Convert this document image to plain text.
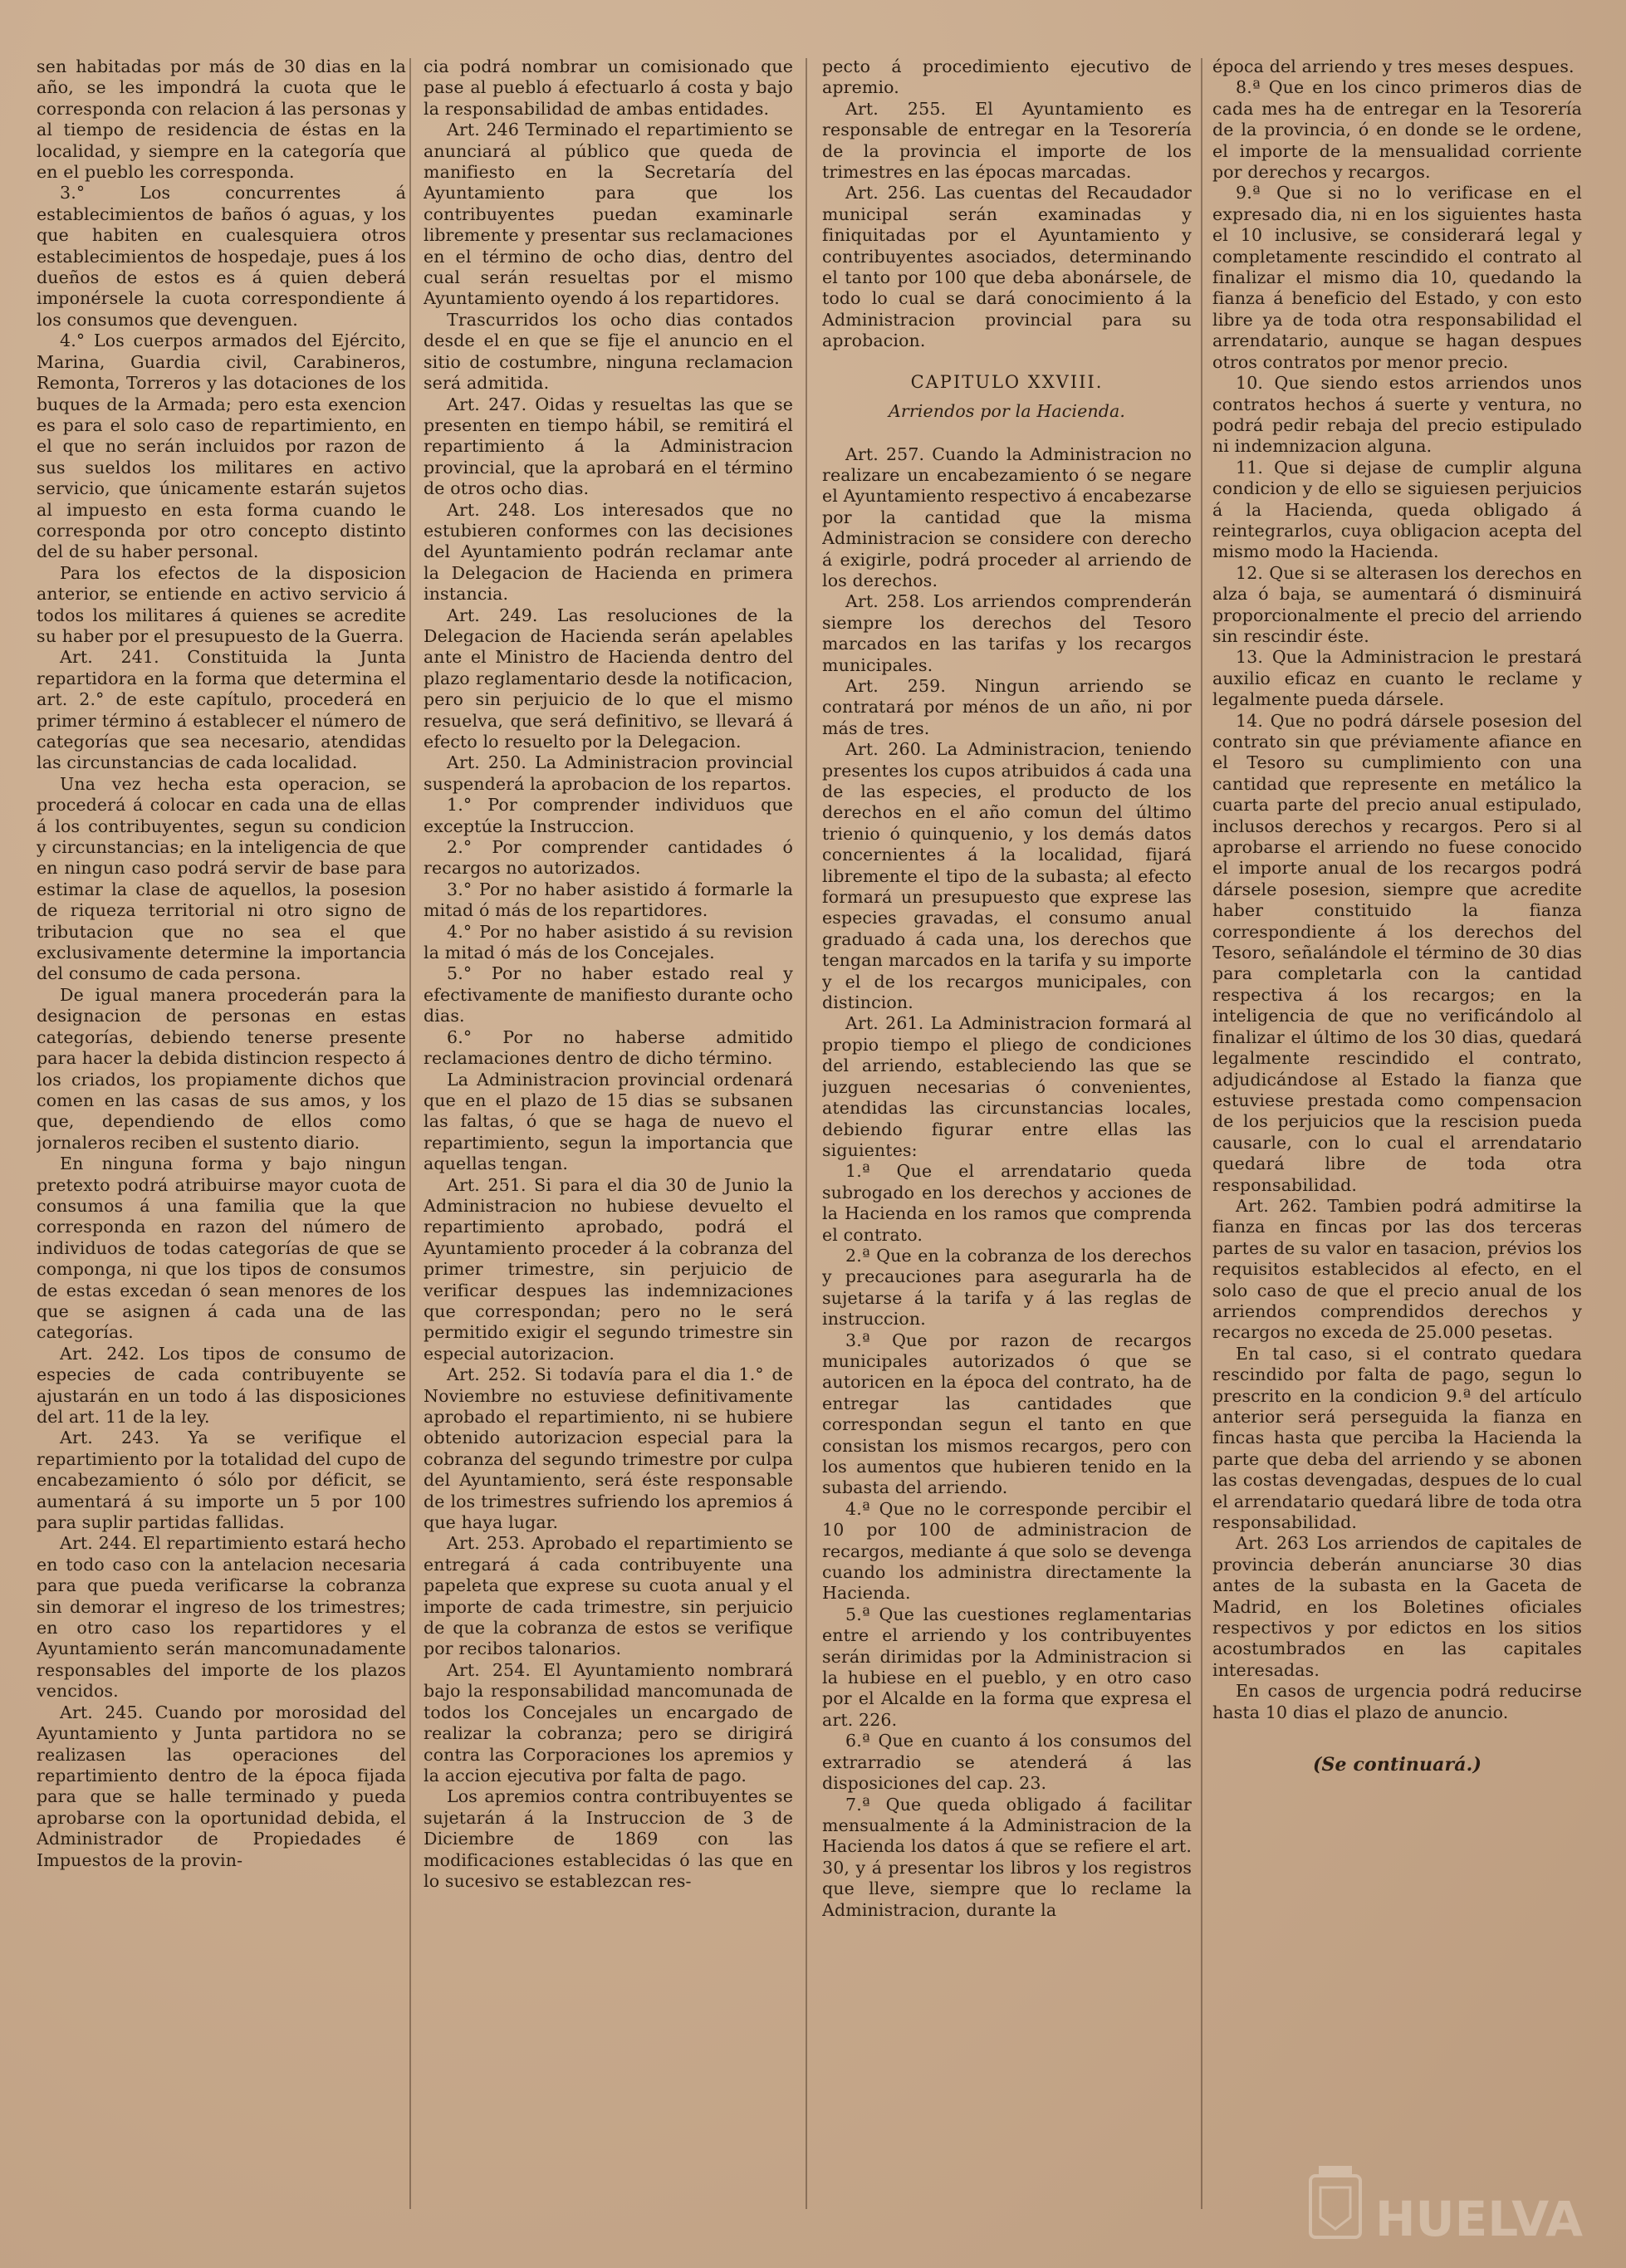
sen habitadas por más de 30 dias en la año, se les impondrá la cuota que le corresponda con relacion á las personas y al tiempo de residencia de éstas en la localidad, y siempre en la categoría que en el pueblo les corresponda.

3.° Los concurrentes á establecimientos de baños ó aguas, y los que habiten en cualesquiera otros establecimientos de hospedaje, pues á los dueños de estos es á quien deberá imponérsele la cuota correspondiente á los consumos que devenguen.

4.° Los cuerpos armados del Ejército, Marina, Guardia civil, Carabineros, Remonta, Torreros y las dotaciones de los buques de la Armada; pero esta exencion es para el solo caso de repartimiento, en el que no serán incluidos por razon de sus sueldos los militares en activo servicio, que únicamente estarán sujetos al impuesto en esta forma cuando le corresponda por otro concepto distinto del de su haber personal.

Para los efectos de la disposicion anterior, se entiende en activo servicio á todos los militares á quienes se acredite su haber por el presupuesto de la Guerra.

Art. 241. Constituida la Junta repartidora en la forma que determina el art. 2.° de este capítulo, procederá en primer término á establecer el número de categorías que sea necesario, atendidas las circunstancias de cada localidad.

Una vez hecha esta operacion, se procederá á colocar en cada una de ellas á los contribuyentes, segun su condicion y circunstancias; en la inteligencia de que en ningun caso podrá servir de base para estimar la clase de aquellos, la posesion de riqueza territorial ni otro signo de tributacion que no sea el que exclusivamente determine la importancia del consumo de cada persona.

De igual manera procederán para la designacion de personas en estas categorías, debiendo tenerse presente para hacer la debida distincion respecto á los criados, los propiamente dichos que comen en las casas de sus amos, y los que, dependiendo de ellos como jornaleros reciben el sustento diario.

En ninguna forma y bajo ningun pretexto podrá atribuirse mayor cuota de consumos á una familia que la que corresponda en razon del número de individuos de todas categorías de que se componga, ni que los tipos de consumos de estas excedan ó sean menores de los que se asignen á cada una de las categorías.

Art. 242. Los tipos de consumo de especies de cada contribuyente se ajustarán en un todo á las disposiciones del art. 11 de la ley.

Art. 243. Ya se verifique el repartimiento por la totalidad del cupo de encabezamiento ó sólo por déficit, se aumentará á su importe un 5 por 100 para suplir partidas fallidas.

Art. 244. El repartimiento estará hecho en todo caso con la antelacion necesaria para que pueda verificarse la cobranza sin demorar el ingreso de los trimestres; en otro caso los repartidores y el Ayuntamiento serán mancomunadamente responsables del importe de los plazos vencidos.

Art. 245. Cuando por morosidad del Ayuntamiento y Junta partidora no se realizasen las operaciones del repartimiento dentro de la época fijada para que se halle terminado y pueda aprobarse con la oportunidad debida, el Administrador de Propiedades é Impuestos de la provin-

cia podrá nombrar un comisionado que pase al pueblo á efectuarlo á costa y bajo la responsabilidad de ambas entidades.

Art. 246 Terminado el repartimiento se anunciará al público que queda de manifiesto en la Secretaría del Ayuntamiento para que los contribuyentes puedan examinarle libremente y presentar sus reclamaciones en el término de ocho dias, dentro del cual serán resueltas por el mismo Ayuntamiento oyendo á los repartidores.

Trascurridos los ocho dias contados desde el en que se fije el anuncio en el sitio de costumbre, ninguna reclamacion será admitida.

Art. 247. Oidas y resueltas las que se presenten en tiempo hábil, se remitirá el repartimiento á la Administracion provincial, que la aprobará en el término de otros ocho dias.

Art. 248. Los interesados que no estubieren conformes con las decisiones del Ayuntamiento podrán reclamar ante la Delegacion de Hacienda en primera instancia.

Art. 249. Las resoluciones de la Delegacion de Hacienda serán apelables ante el Ministro de Hacienda dentro del plazo reglamentario desde la notificacion, pero sin perjuicio de lo que el mismo resuelva, que será definitivo, se llevará á efecto lo resuelto por la Delegacion.

Art. 250. La Administracion provincial suspenderá la aprobacion de los repartos.

1.° Por comprender individuos que exceptúe la Instruccion.

2.° Por comprender cantidades ó recargos no autorizados.

3.° Por no haber asistido á formarle la mitad ó más de los repartidores.

4.° Por no haber asistido á su revision la mitad ó más de los Concejales.

5.° Por no haber estado real y efectivamente de manifiesto durante ocho dias.

6.° Por no haberse admitido reclamaciones dentro de dicho término.

La Administracion provincial ordenará que en el plazo de 15 dias se subsanen las faltas, ó que se haga de nuevo el repartimiento, segun la importancia que aquellas tengan.

Art. 251. Si para el dia 30 de Junio la Administracion no hubiese devuelto el repartimiento aprobado, podrá el Ayuntamiento proceder á la cobranza del primer trimestre, sin perjuicio de verificar despues las indemnizaciones que correspondan; pero no le será permitido exigir el segundo trimestre sin especial autorizacion.

Art. 252. Si todavía para el dia 1.° de Noviembre no estuviese definitivamente aprobado el repartimiento, ni se hubiere obtenido autorizacion especial para la cobranza del segundo trimestre por culpa del Ayuntamiento, será éste responsable de los trimestres sufriendo los apremios á que haya lugar.

Art. 253. Aprobado el repartimiento se entregará á cada contribuyente una papeleta que exprese su cuota anual y el importe de cada trimestre, sin perjuicio de que la cobranza de estos se verifique por recibos talonarios.

Art. 254. El Ayuntamiento nombrará bajo la responsabilidad mancomunada de todos los Concejales un encargado de realizar la cobranza; pero se dirigirá contra las Corporaciones los apremios y la accion ejecutiva por falta de pago.

Los apremios contra contribuyentes se sujetarán á la Instruccion de 3 de Diciembre de 1869 con las modificaciones establecidas ó las que en lo sucesivo se establezcan res-

pecto á procedimiento ejecutivo de apremio.

Art. 255. El Ayuntamiento es responsable de entregar en la Tesorería de la provincia el importe de los trimestres en las épocas marcadas.

Art. 256. Las cuentas del Recaudador municipal serán examinadas y finiquitadas por el Ayuntamiento y contribuyentes asociados, determinando el tanto por 100 que deba abonársele, de todo lo cual se dará conocimiento á la Administracion provincial para su aprobacion.

CAPITULO XXVIII.

Arriendos por la Hacienda.

Art. 257. Cuando la Administracion no realizare un encabezamiento ó se negare el Ayuntamiento respectivo á encabezarse por la cantidad que la misma Administracion se considere con derecho á exigirle, podrá proceder al arriendo de los derechos.

Art. 258. Los arriendos comprenderán siempre los derechos del Tesoro marcados en las tarifas y los recargos municipales.

Art. 259. Ningun arriendo se contratará por ménos de un año, ni por más de tres.

Art. 260. La Administracion, teniendo presentes los cupos atribuidos á cada una de las especies, el producto de los derechos en el año comun del último trienio ó quinquenio, y los demás datos concernientes á la localidad, fijará libremente el tipo de la subasta; al efecto formará un presupuesto que exprese las especies gravadas, el consumo anual graduado á cada una, los derechos que tengan marcados en la tarifa y su importe y el de los recargos municipales, con distincion.

Art. 261. La Administracion formará al propio tiempo el pliego de condiciones del arriendo, estableciendo las que se juzguen necesarias ó convenientes, atendidas las circunstancias locales, debiendo figurar entre ellas las siguientes:

1.ª Que el arrendatario queda subrogado en los derechos y acciones de la Hacienda en los ramos que comprenda el contrato.

2.ª Que en la cobranza de los derechos y precauciones para asegurarla ha de sujetarse á la tarifa y á las reglas de instruccion.

3.ª Que por razon de recargos municipales autorizados ó que se autoricen en la época del contrato, ha de entregar las cantidades que correspondan segun el tanto en que consistan los mismos recargos, pero con los aumentos que hubieren tenido en la subasta del arriendo.

4.ª Que no le corresponde percibir el 10 por 100 de administracion de recargos, mediante á que solo se devenga cuando los administra directamente la Hacienda.

5.ª Que las cuestiones reglamentarias entre el arriendo y los contribuyentes serán dirimidas por la Administracion si la hubiese en el pueblo, y en otro caso por el Alcalde en la forma que expresa el art. 226.

6.ª Que en cuanto á los consumos del extrarradio se atenderá á las disposiciones del cap. 23.

7.ª Que queda obligado á facilitar mensualmente á la Administracion de la Hacienda los datos á que se refiere el art. 30, y á presentar los libros y los registros que lleve, siempre que lo reclame la Administracion, durante la

época del arriendo y tres meses despues.

8.ª Que en los cinco primeros dias de cada mes ha de entregar en la Tesorería de la provincia, ó en donde se le ordene, el importe de la mensualidad corriente por derechos y recargos.

9.ª Que si no lo verificase en el expresado dia, ni en los siguientes hasta el 10 inclusive, se considerará legal y completamente rescindido el contrato al finalizar el mismo dia 10, quedando la fianza á beneficio del Estado, y con esto libre ya de toda otra responsabilidad el arrendatario, aunque se hagan despues otros contratos por menor precio.

10. Que siendo estos arriendos unos contratos hechos á suerte y ventura, no podrá pedir rebaja del precio estipulado ni indemnizacion alguna.

11. Que si dejase de cumplir alguna condicion y de ello se siguiesen perjuicios á la Hacienda, queda obligado á reintegrarlos, cuya obligacion acepta del mismo modo la Hacienda.

12. Que si se alterasen los derechos en alza ó baja, se aumentará ó disminuirá proporcionalmente el precio del arriendo sin rescindir éste.

13. Que la Administracion le prestará auxilio eficaz en cuanto le reclame y legalmente pueda dársele.

14. Que no podrá dársele posesion del contrato sin que préviamente afiance en el Tesoro su cumplimiento con una cantidad que represente en metálico la cuarta parte del precio anual estipulado, inclusos derechos y recargos. Pero si al aprobarse el arriendo no fuese conocido el importe anual de los recargos podrá dársele posesion, siempre que acredite haber constituido la fianza correspondiente á los derechos del Tesoro, señalándole el término de 30 dias para completarla con la cantidad respectiva á los recargos; en la inteligencia de que no verificándolo al finalizar el último de los 30 dias, quedará legalmente rescindido el contrato, adjudicándose al Estado la fianza que estuviese prestada como compensacion de los perjuicios que la rescision pueda causarle, con lo cual el arrendatario quedará libre de toda otra responsabilidad.

Art. 262. Tambien podrá admitirse la fianza en fincas por las dos terceras partes de su valor en tasacion, prévios los requisitos establecidos al efecto, en el solo caso de que el precio anual de los arriendos comprendidos derechos y recargos no exceda de 25.000 pesetas.

En tal caso, si el contrato quedara rescindido por falta de pago, segun lo prescrito en la condicion 9.ª del artículo anterior será perseguida la fianza en fincas hasta que perciba la Hacienda la parte que deba del arriendo y se abonen las costas devengadas, despues de lo cual el arrendatario quedará libre de toda otra responsabilidad.

Art. 263 Los arriendos de capitales de provincia deberán anunciarse 30 dias antes de la subasta en la Gaceta de Madrid, en los Boletines oficiales respectivos y por edictos en los sitios acostumbrados en las capitales interesadas.

En casos de urgencia podrá reducirse hasta 10 dias el plazo de anuncio.

(Se continuará.)

HUELVA
